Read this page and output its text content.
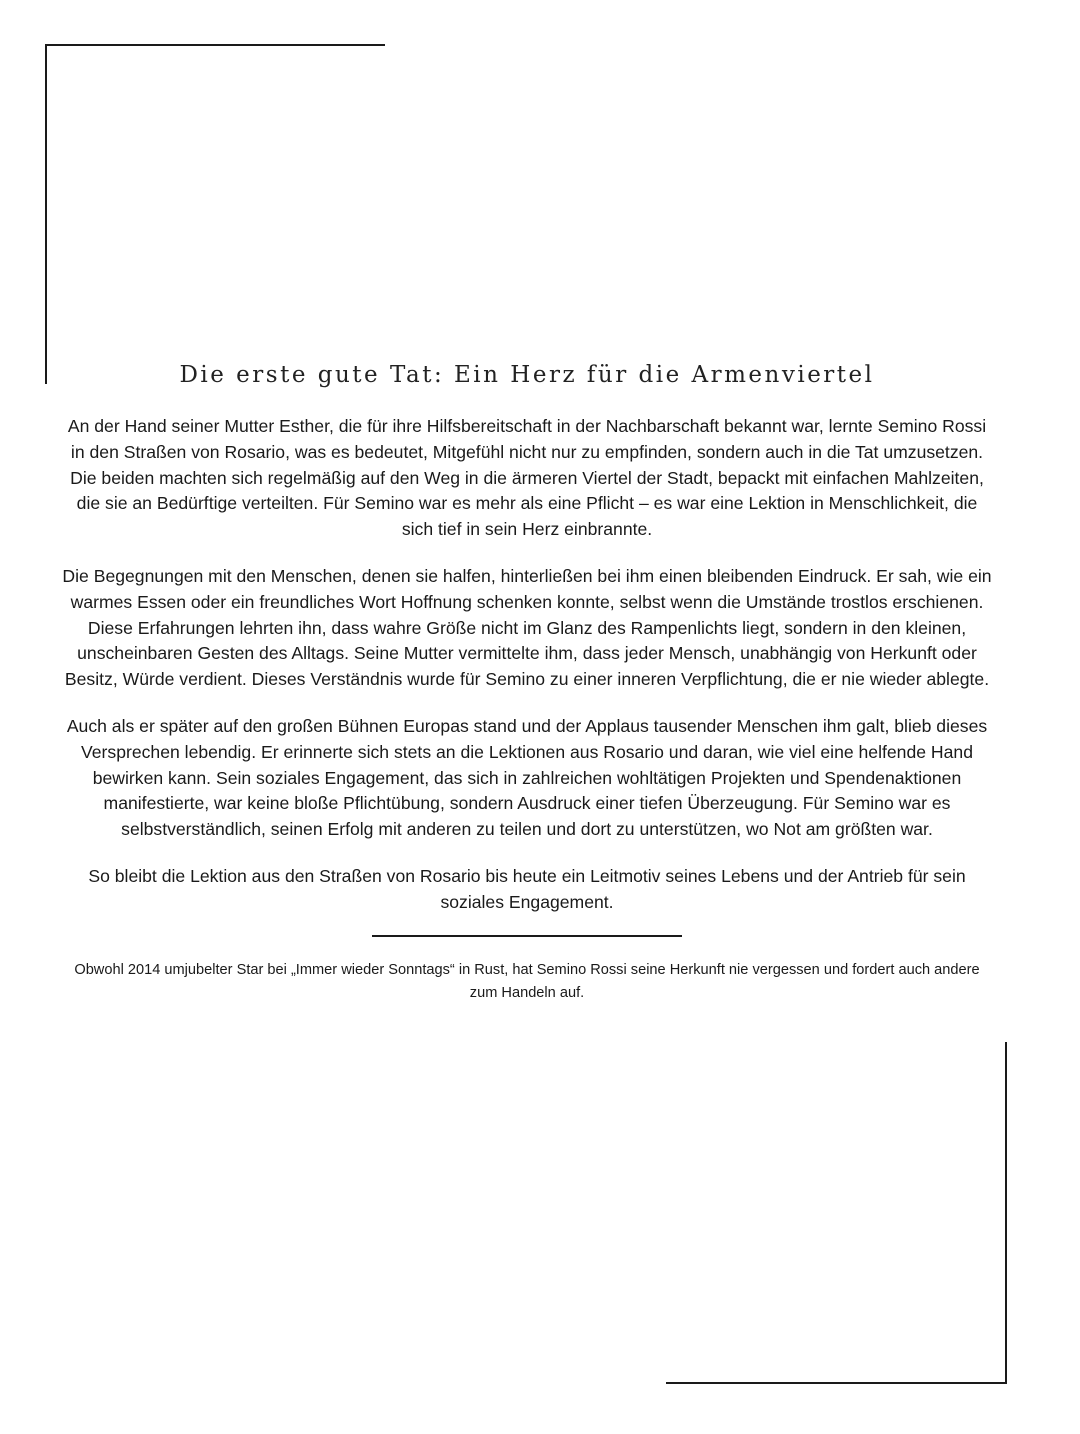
Die erste gute Tat: Ein Herz für die Armenviertel

An der Hand seiner Mutter Esther, die für ihre Hilfsbereitschaft in der Nachbarschaft bekannt war, lernte Semino Rossi in den Straßen von Rosario, was es bedeutet, Mitgefühl nicht nur zu empfinden, sondern auch in die Tat umzusetzen. Die beiden machten sich regelmäßig auf den Weg in die ärmeren Viertel der Stadt, bepackt mit einfachen Mahlzeiten, die sie an Bedürftige verteilten. Für Semino war es mehr als eine Pflicht – es war eine Lektion in Menschlichkeit, die sich tief in sein Herz einbrannte.

Die Begegnungen mit den Menschen, denen sie halfen, hinterließen bei ihm einen bleibenden Eindruck. Er sah, wie ein warmes Essen oder ein freundliches Wort Hoffnung schenken konnte, selbst wenn die Umstände trostlos erschienen. Diese Erfahrungen lehrten ihn, dass wahre Größe nicht im Glanz des Rampenlichts liegt, sondern in den kleinen, unscheinbaren Gesten des Alltags. Seine Mutter vermittelte ihm, dass jeder Mensch, unabhängig von Herkunft oder Besitz, Würde verdient. Dieses Verständnis wurde für Semino zu einer inneren Verpflichtung, die er nie wieder ablegte.

Auch als er später auf den großen Bühnen Europas stand und der Applaus tausender Menschen ihm galt, blieb dieses Versprechen lebendig. Er erinnerte sich stets an die Lektionen aus Rosario und daran, wie viel eine helfende Hand bewirken kann. Sein soziales Engagement, das sich in zahlreichen wohltätigen Projekten und Spendenaktionen manifestierte, war keine bloße Pflichtübung, sondern Ausdruck einer tiefen Überzeugung. Für Semino war es selbstverständlich, seinen Erfolg mit anderen zu teilen und dort zu unterstützen, wo Not am größten war.

So bleibt die Lektion aus den Straßen von Rosario bis heute ein Leitmotiv seines Lebens und der Antrieb für sein soziales Engagement.

Obwohl 2014 umjubelter Star bei „Immer wieder Sonntags“ in Rust, hat Semino Rossi seine Herkunft nie vergessen und fordert auch andere zum Handeln auf.
